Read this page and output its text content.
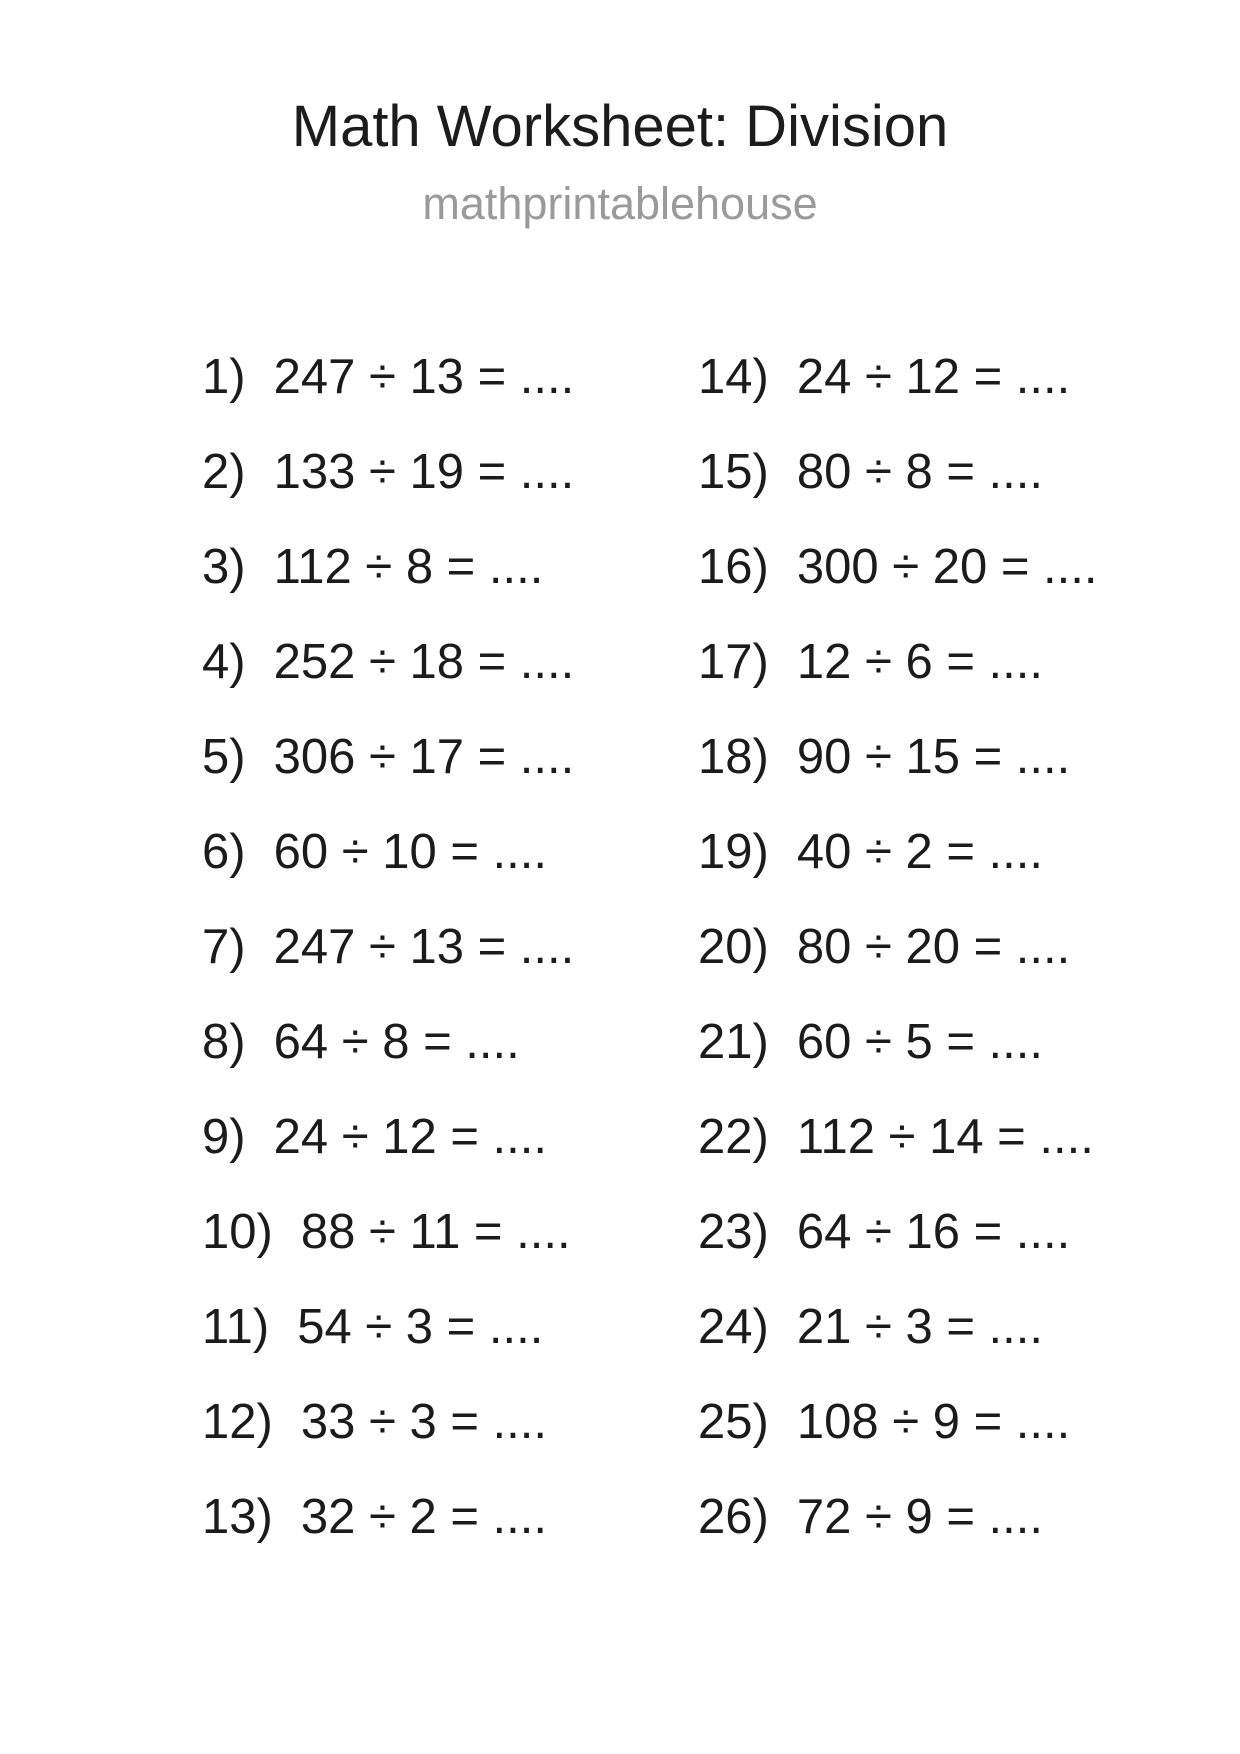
Math Worksheet: Division
mathprintablehouse
1) 247 ÷ 13 = ....
2) 133 ÷ 19 = ....
3) 112 ÷ 8 = ....
4) 252 ÷ 18 = ....
5) 306 ÷ 17 = ....
6) 60 ÷ 10 = ....
7) 247 ÷ 13 = ....
8) 64 ÷ 8 = ....
9) 24 ÷ 12 = ....
10) 88 ÷ 11 = ....
11) 54 ÷ 3 = ....
12) 33 ÷ 3 = ....
13) 32 ÷ 2 = ....
14) 24 ÷ 12 = ....
15) 80 ÷ 8 = ....
16) 300 ÷ 20 = ....
17) 12 ÷ 6 = ....
18) 90 ÷ 15 = ....
19) 40 ÷ 2 = ....
20) 80 ÷ 20 = ....
21) 60 ÷ 5 = ....
22) 112 ÷ 14 = ....
23) 64 ÷ 16 = ....
24) 21 ÷ 3 = ....
25) 108 ÷ 9 = ....
26) 72 ÷ 9 = ....
